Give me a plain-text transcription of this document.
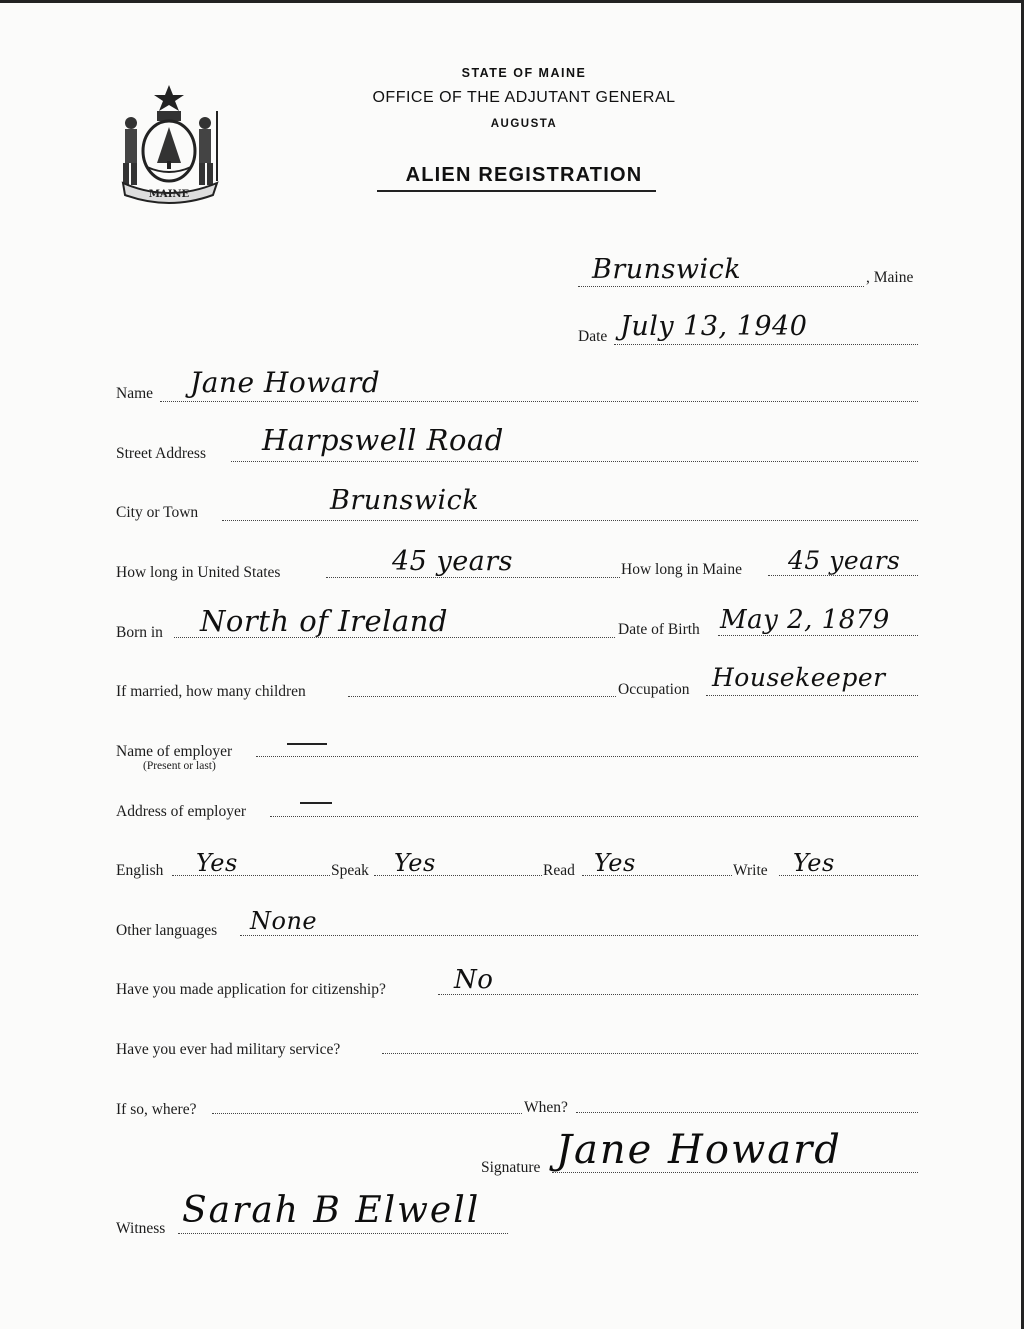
MAINE
STATE OF MAINE
OFFICE OF THE ADJUTANT GENERAL
AUGUSTA
ALIEN REGISTRATION
Brunswick	, Maine
Date July 13, 1940
Name Jane Howard
Street Address Harpswell Road
City or Town	Brunswick
How long in United States	45 years	How long in Maine 45 years
Born in North of Ireland	Date of Birth May 2, 1879
If married, how many children	Occupation Housekeeper
Name of employer
(Present or last)
Address of employer
English Yes	Speak Yes	Read Yes	Write Yes
Other languages None
Have you made application for citizenship?	No
Have you ever had military service?
If so, where?	When?
Signature Jane Howard
Witness Sarah B Elwell
